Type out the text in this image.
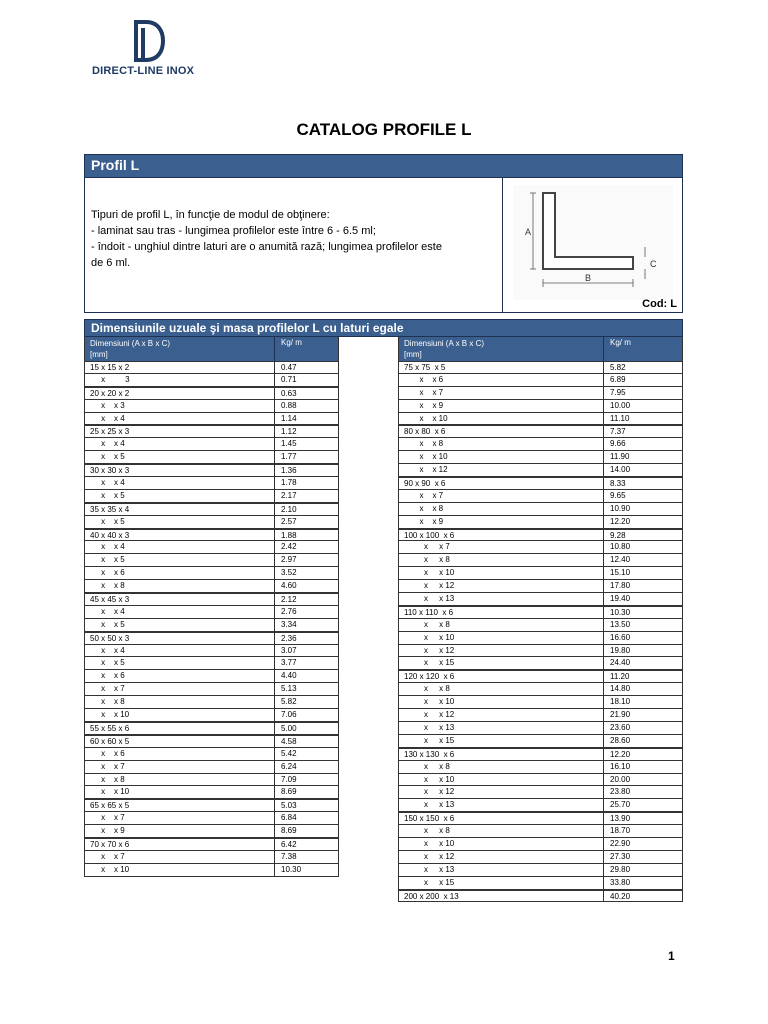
DIRECT-LINE INOX
CATALOG PROFILE L
Profil L
Tipuri de profil L, în funcţie de modul de obţinere:
- laminat sau tras - lungimea profilelor este între 6 - 6.5 ml;
- îndoit - unghiul dintre laturi are o anumită rază; lungimea profilelor este
de 6 ml.
A
B
C
Cod: L
Dimensiunile uzuale şi masa profilelor L cu laturi egale
Dimensiuni (A x B x C)
[mm]
Kg/ m
15 x 15 x 2	0.47
x         3	0.71
20 x 20 x 2	0.63
x    x 3	0.88
x    x 4	1.14
25 x 25 x 3	1.12
x    x 4	1.45
x    x 5	1.77
30 x 30 x 3	1.36
x    x 4	1.78
x    x 5	2.17
35 x 35 x 4	2.10
x    x 5	2.57
40 x 40 x 3	1.88
x    x 4	2.42
x    x 5	2.97
x    x 6	3.52
x    x 8	4.60
45 x 45 x 3	2.12
x    x 4	2.76
x    x 5	3.34
50 x 50 x 3	2.36
x    x 4	3.07
x    x 5	3.77
x    x 6	4.40
x    x 7	5.13
x    x 8	5.82
x    x 10	7.06
55 x 55 x 6	5.00
60 x 60 x 5	4.58
x    x 6	5.42
x    x 7	6.24
x    x 8	7.09
x    x 10	8.69
65 x 65 x 5	5.03
x    x 7	6.84
x    x 9	8.69
70 x 70 x 6	6.42
x    x 7	7.38
x    x 10	10.30
Dimensiuni (A x B x C)
[mm]
Kg/ m
75 x 75  x 5	5.82
x    x 6	6.89
x    x 7	7.95
x    x 9	10.00
x    x 10	11.10
80 x 80  x 6	7.37
x    x 8	9.66
x    x 10	11.90
x    x 12	14.00
90 x 90  x 6	8.33
x    x 7	9.65
x    x 8	10.90
x    x 9	12.20
100 x 100  x 6	9.28
x     x 7	10.80
x     x 8	12.40
x     x 10	15.10
x     x 12	17.80
x     x 13	19.40
110 x 110  x 6	10.30
x     x 8	13.50
x     x 10	16.60
x     x 12	19.80
x     x 15	24.40
120 x 120  x 6	11.20
x     x 8	14.80
x     x 10	18.10
x     x 12	21.90
x     x 13	23.60
x     x 15	28.60
130 x 130  x 6	12.20
x     x 8	16.10
x     x 10	20.00
x     x 12	23.80
x     x 13	25.70
150 x 150  x 6	13.90
x     x 8	18.70
x     x 10	22.90
x     x 12	27.30
x     x 13	29.80
x     x 15	33.80
200 x 200  x 13	40.20
1
